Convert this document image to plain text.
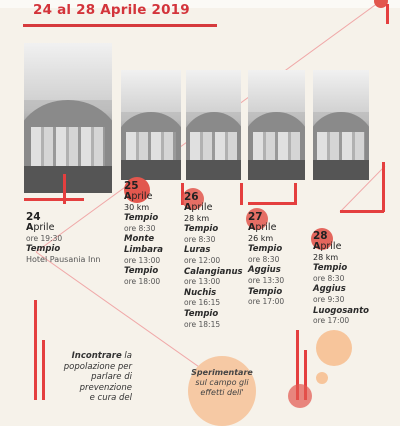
24 al 28 Aprile 2019
24
Aprile
ore 19:30
Tempio
Hotel Pausania Inn
25
Aprile
30 km
Tempio
ore 8:30
Monte Limbara
ore 13:00
Tempio
ore 18:00
26
Aprile
28 km
Tempio
ore 8:30
Luras
ore 12:00
Calangianus
ore 13:00
Nuchis
ore 16:15
Tempio
ore 18:15
27
Aprile
26 km
Tempio
ore 8:30
Aggius
ore 13:30
Tempio
ore 17:00
28
Aprile
28 km
Tempio
ore 8:30
Aggius
ore 9:30
Luogosanto
ore 17:00
Incontrare la popolazione per
parlare di
prevenzione
e cura del
Sperimentare
sul campo gli
effetti dell'
